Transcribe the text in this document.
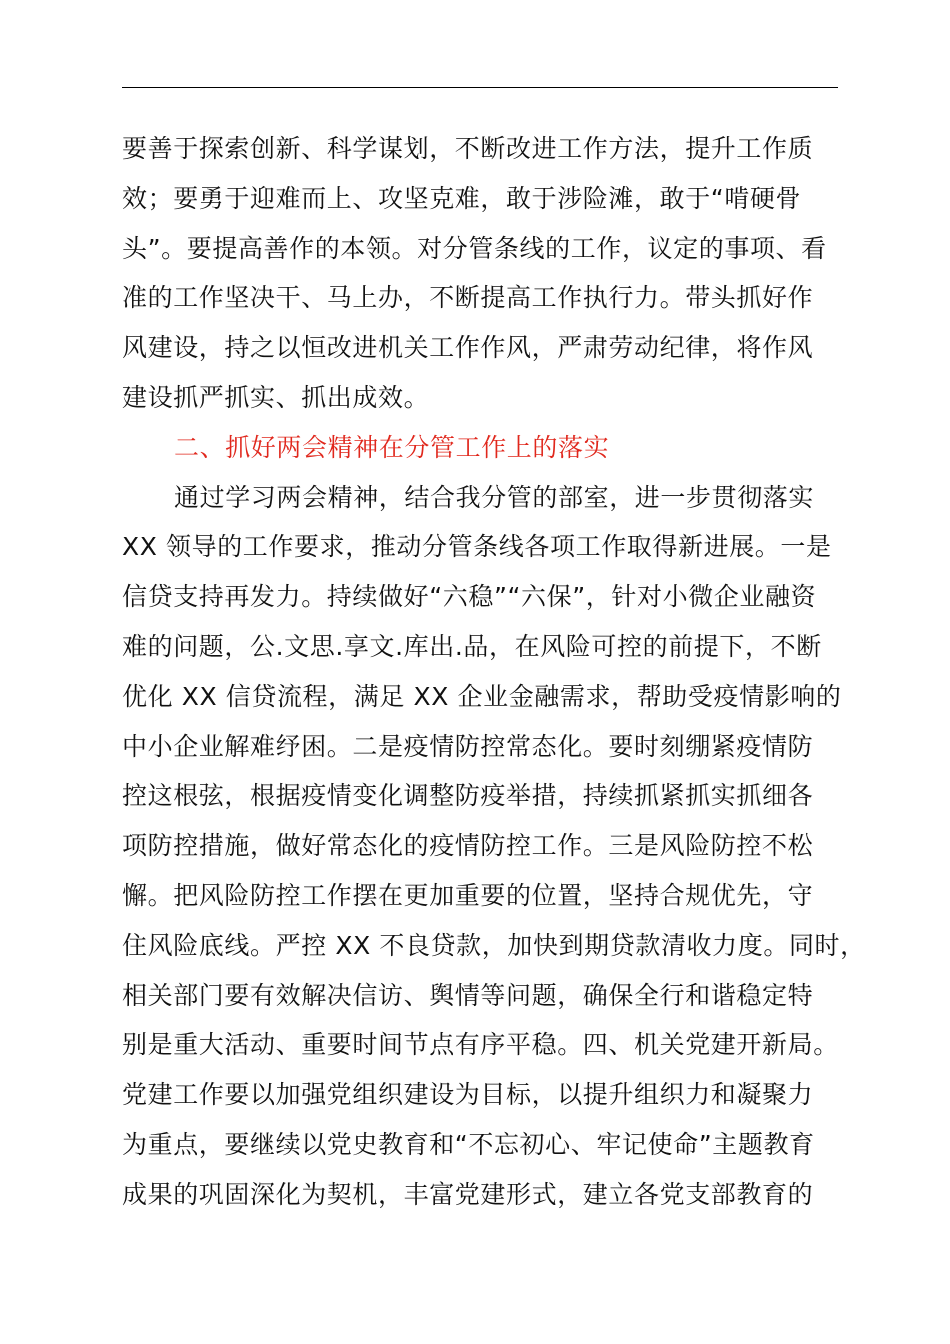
要善于探索创新、科学谋划，不断改进工作方法，提升工作质
效；要勇于迎难而上、攻坚克难，敢于涉险滩，敢于“啃硬骨
头”。要提高善作的本领。对分管条线的工作，议定的事项、看
准的工作坚决干、马上办，不断提高工作执行力。带头抓好作
风建设，持之以恒改进机关工作作风，严肃劳动纪律，将作风
建设抓严抓实、抓出成效。
二、抓好两会精神在分管工作上的落实
通过学习两会精神，结合我分管的部室，进一步贯彻落实
XX 领导的工作要求，推动分管条线各项工作取得新进展。一是
信贷支持再发力。持续做好“六稳”“六保”，针对小微企业融资
难的问题，公.文思.享文.库出.品，在风险可控的前提下，不断
优化 XX 信贷流程，满足 XX 企业金融需求，帮助受疫情影响的
中小企业解难纾困。二是疫情防控常态化。要时刻绷紧疫情防
控这根弦，根据疫情变化调整防疫举措，持续抓紧抓实抓细各
项防控措施，做好常态化的疫情防控工作。三是风险防控不松
懈。把风险防控工作摆在更加重要的位置，坚持合规优先，守
住风险底线。严控 XX 不良贷款，加快到期贷款清收力度。同时，
相关部门要有效解决信访、舆情等问题，确保全行和谐稳定特
别是重大活动、重要时间节点有序平稳。四、机关党建开新局。
党建工作要以加强党组织建设为目标，以提升组织力和凝聚力
为重点，要继续以党史教育和“不忘初心、牢记使命”主题教育
成果的巩固深化为契机，丰富党建形式，建立各党支部教育的
